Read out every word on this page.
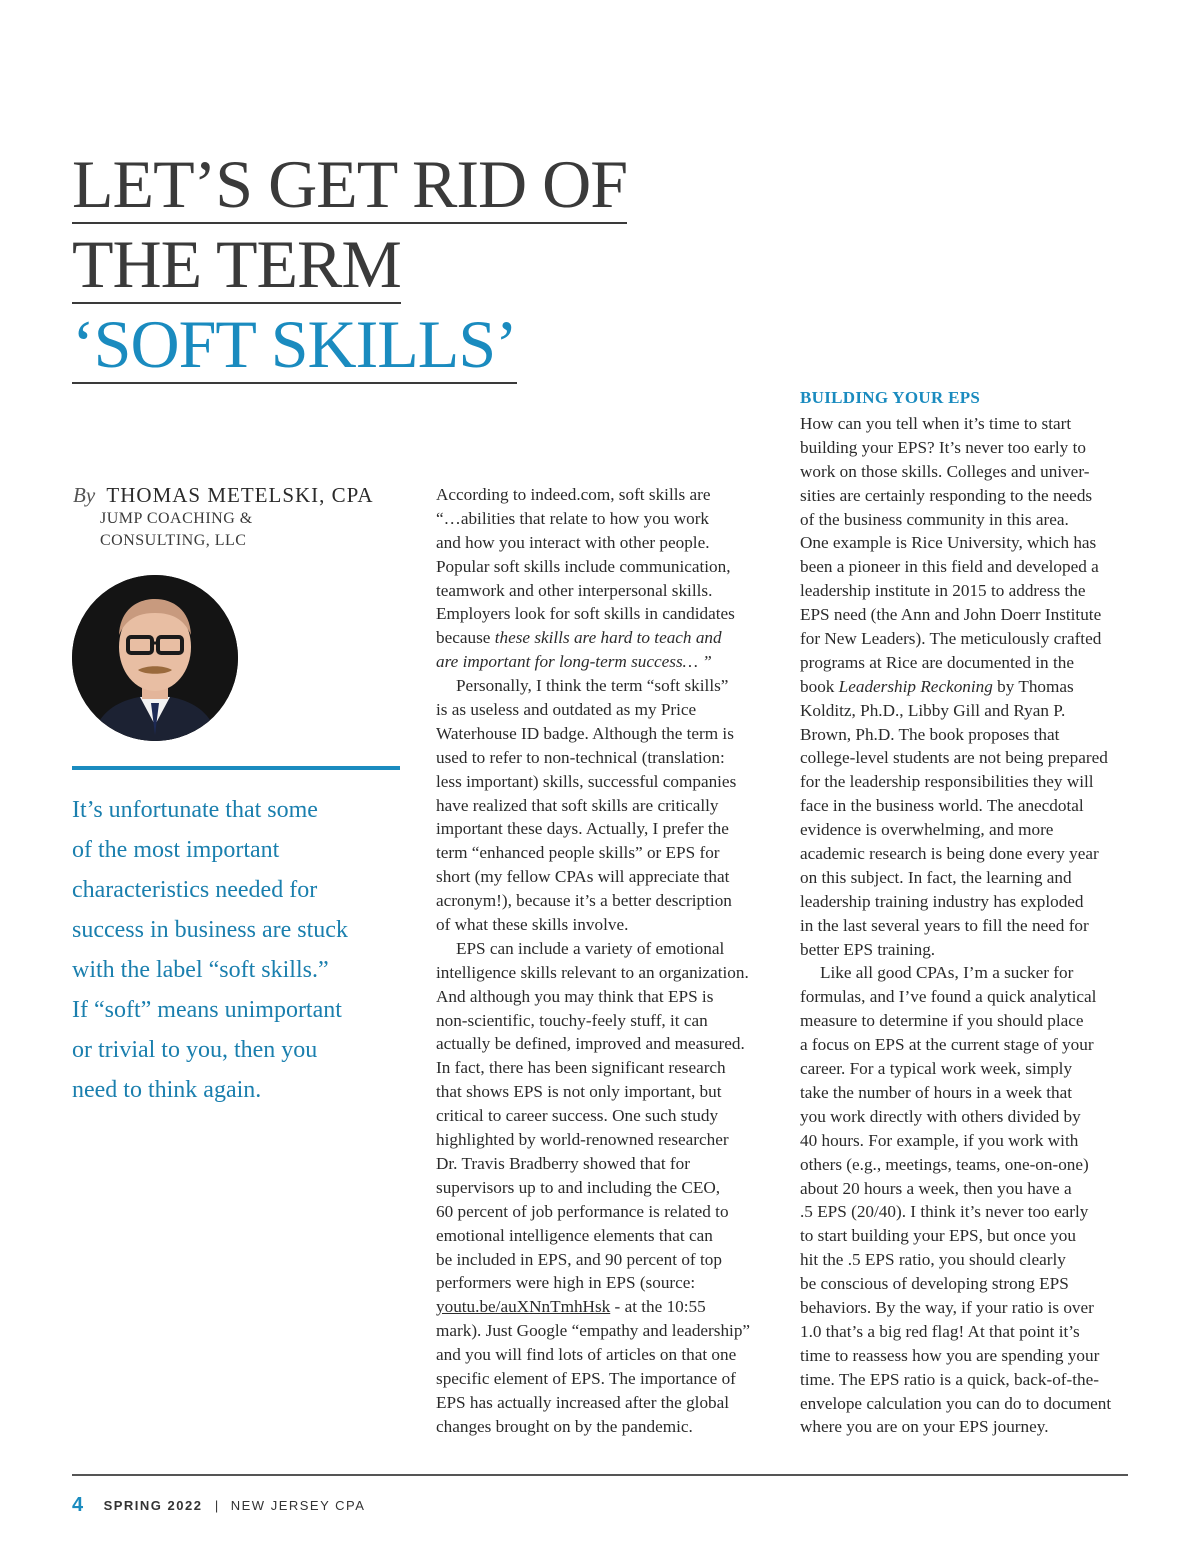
LET’S GET RID OF
THE TERM
‘SOFT SKILLS’
By THOMAS METELSKI, CPA
JUMP COACHING &
CONSULTING, LLC
It’s unfortunate that some
of the most important
characteristics needed for
success in business are stuck
with the label “soft skills.”
If “soft” means unimportant
or trivial to you, then you
need to think again.
According to indeed.com, soft skills are
“…abilities that relate to how you work
and how you interact with other people.
Popular soft skills include communication,
teamwork and other interpersonal skills.
Employers look for soft skills in candidates
because these skills are hard to teach and
are important for long-term success… ”
Personally, I think the term “soft skills”
is as useless and outdated as my Price
Waterhouse ID badge. Although the term is
used to refer to non-technical (translation:
less important) skills, successful companies
have realized that soft skills are critically
important these days. Actually, I prefer the
term “enhanced people skills” or EPS for
short (my fellow CPAs will appreciate that
acronym!), because it’s a better description
of what these skills involve.
EPS can include a variety of emotional
intelligence skills relevant to an organization.
And although you may think that EPS is
non-scientific, touchy-feely stuff, it can
actually be defined, improved and measured.
In fact, there has been significant research
that shows EPS is not only important, but
critical to career success. One such study
highlighted by world-renowned researcher
Dr. Travis Bradberry showed that for
supervisors up to and including the CEO,
60 percent of job performance is related to
emotional intelligence elements that can
be included in EPS, and 90 percent of top
performers were high in EPS (source:
youtu.be/auXNnTmhHsk - at the 10:55
mark). Just Google “empathy and leadership”
and you will find lots of articles on that one
specific element of EPS. The importance of
EPS has actually increased after the global
changes brought on by the pandemic.
BUILDING YOUR EPS
How can you tell when it’s time to start
building your EPS? It’s never too early to
work on those skills. Colleges and univer-
sities are certainly responding to the needs
of the business community in this area.
One example is Rice University, which has
been a pioneer in this field and developed a
leadership institute in 2015 to address the
EPS need (the Ann and John Doerr Institute
for New Leaders). The meticulously crafted
programs at Rice are documented in the
book Leadership Reckoning by Thomas
Kolditz, Ph.D., Libby Gill and Ryan P.
Brown, Ph.D. The book proposes that
college-level students are not being prepared
for the leadership responsibilities they will
face in the business world. The anecdotal
evidence is overwhelming, and more
academic research is being done every year
on this subject. In fact, the learning and
leadership training industry has exploded
in the last several years to fill the need for
better EPS training.
Like all good CPAs, I’m a sucker for
formulas, and I’ve found a quick analytical
measure to determine if you should place
a focus on EPS at the current stage of your
career. For a typical work week, simply
take the number of hours in a week that
you work directly with others divided by
40 hours. For example, if you work with
others (e.g., meetings, teams, one-on-one)
about 20 hours a week, then you have a
.5 EPS (20/40). I think it’s never too early
to start building your EPS, but once you
hit the .5 EPS ratio, you should clearly
be conscious of developing strong EPS
behaviors. By the way, if your ratio is over
1.0 that’s a big red flag! At that point it’s
time to reassess how you are spending your
time. The EPS ratio is a quick, back-of-the-
envelope calculation you can do to document
where you are on your EPS journey.
4 SPRING 2022 | NEW JERSEY CPA
